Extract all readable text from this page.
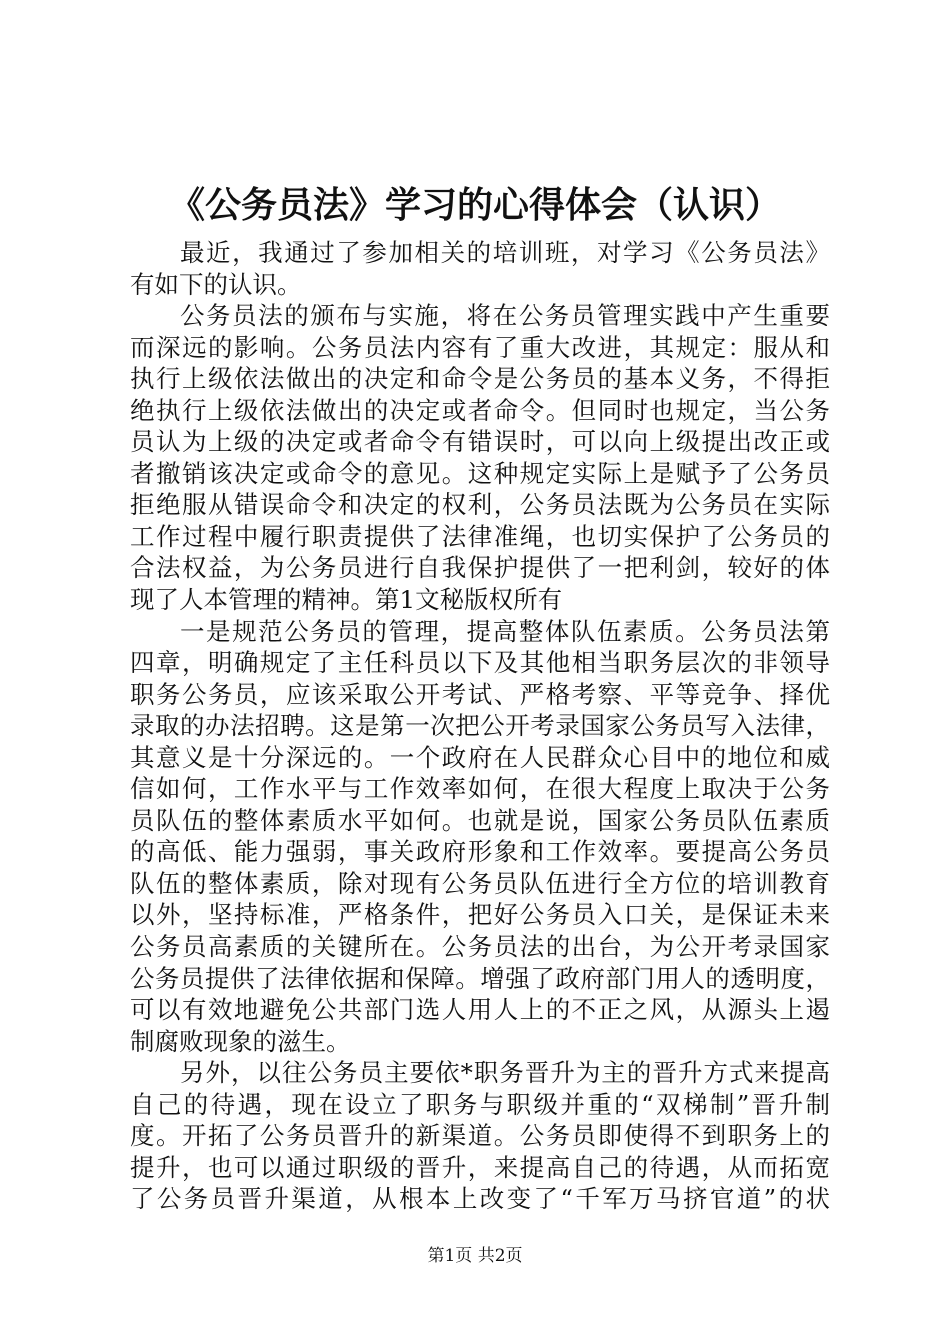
《公务员法》学习的心得体会（认识）
最近，我通过了参加相关的培训班，对学习《公务员法》
有如下的认识。
公务员法的颁布与实施，将在公务员管理实践中产生重要
而深远的影响。公务员法内容有了重大改进，其规定：服从和
执行上级依法做出的决定和命令是公务员的基本义务，不得拒
绝执行上级依法做出的决定或者命令。但同时也规定，当公务
员认为上级的决定或者命令有错误时，可以向上级提出改正或
者撤销该决定或命令的意见。这种规定实际上是赋予了公务员
拒绝服从错误命令和决定的权利，公务员法既为公务员在实际
工作过程中履行职责提供了法律准绳，也切实保护了公务员的
合法权益，为公务员进行自我保护提供了一把利剑，较好的体
现了人本管理的精神。第1文秘版权所有
一是规范公务员的管理，提高整体队伍素质。公务员法第
四章，明确规定了主任科员以下及其他相当职务层次的非领导
职务公务员，应该采取公开考试、严格考察、平等竞争、择优
录取的办法招聘。这是第一次把公开考录国家公务员写入法律，
其意义是十分深远的。一个政府在人民群众心目中的地位和威
信如何，工作水平与工作效率如何，在很大程度上取决于公务
员队伍的整体素质水平如何。也就是说，国家公务员队伍素质
的高低、能力强弱，事关政府形象和工作效率。要提高公务员
队伍的整体素质，除对现有公务员队伍进行全方位的培训教育
以外，坚持标准，严格条件，把好公务员入口关，是保证未来
公务员高素质的关键所在。公务员法的出台，为公开考录国家
公务员提供了法律依据和保障。增强了政府部门用人的透明度，
可以有效地避免公共部门选人用人上的不正之风，从源头上遏
制腐败现象的滋生。
另外，以往公务员主要依*职务晋升为主的晋升方式来提高
自己的待遇，现在设立了职务与职级并重的“双梯制”晋升制
度。开拓了公务员晋升的新渠道。公务员即使得不到职务上的
提升，也可以通过职级的晋升，来提高自己的待遇，从而拓宽
了公务员晋升渠道，从根本上改变了“千军万马挤官道”的状
第1页 共2页
